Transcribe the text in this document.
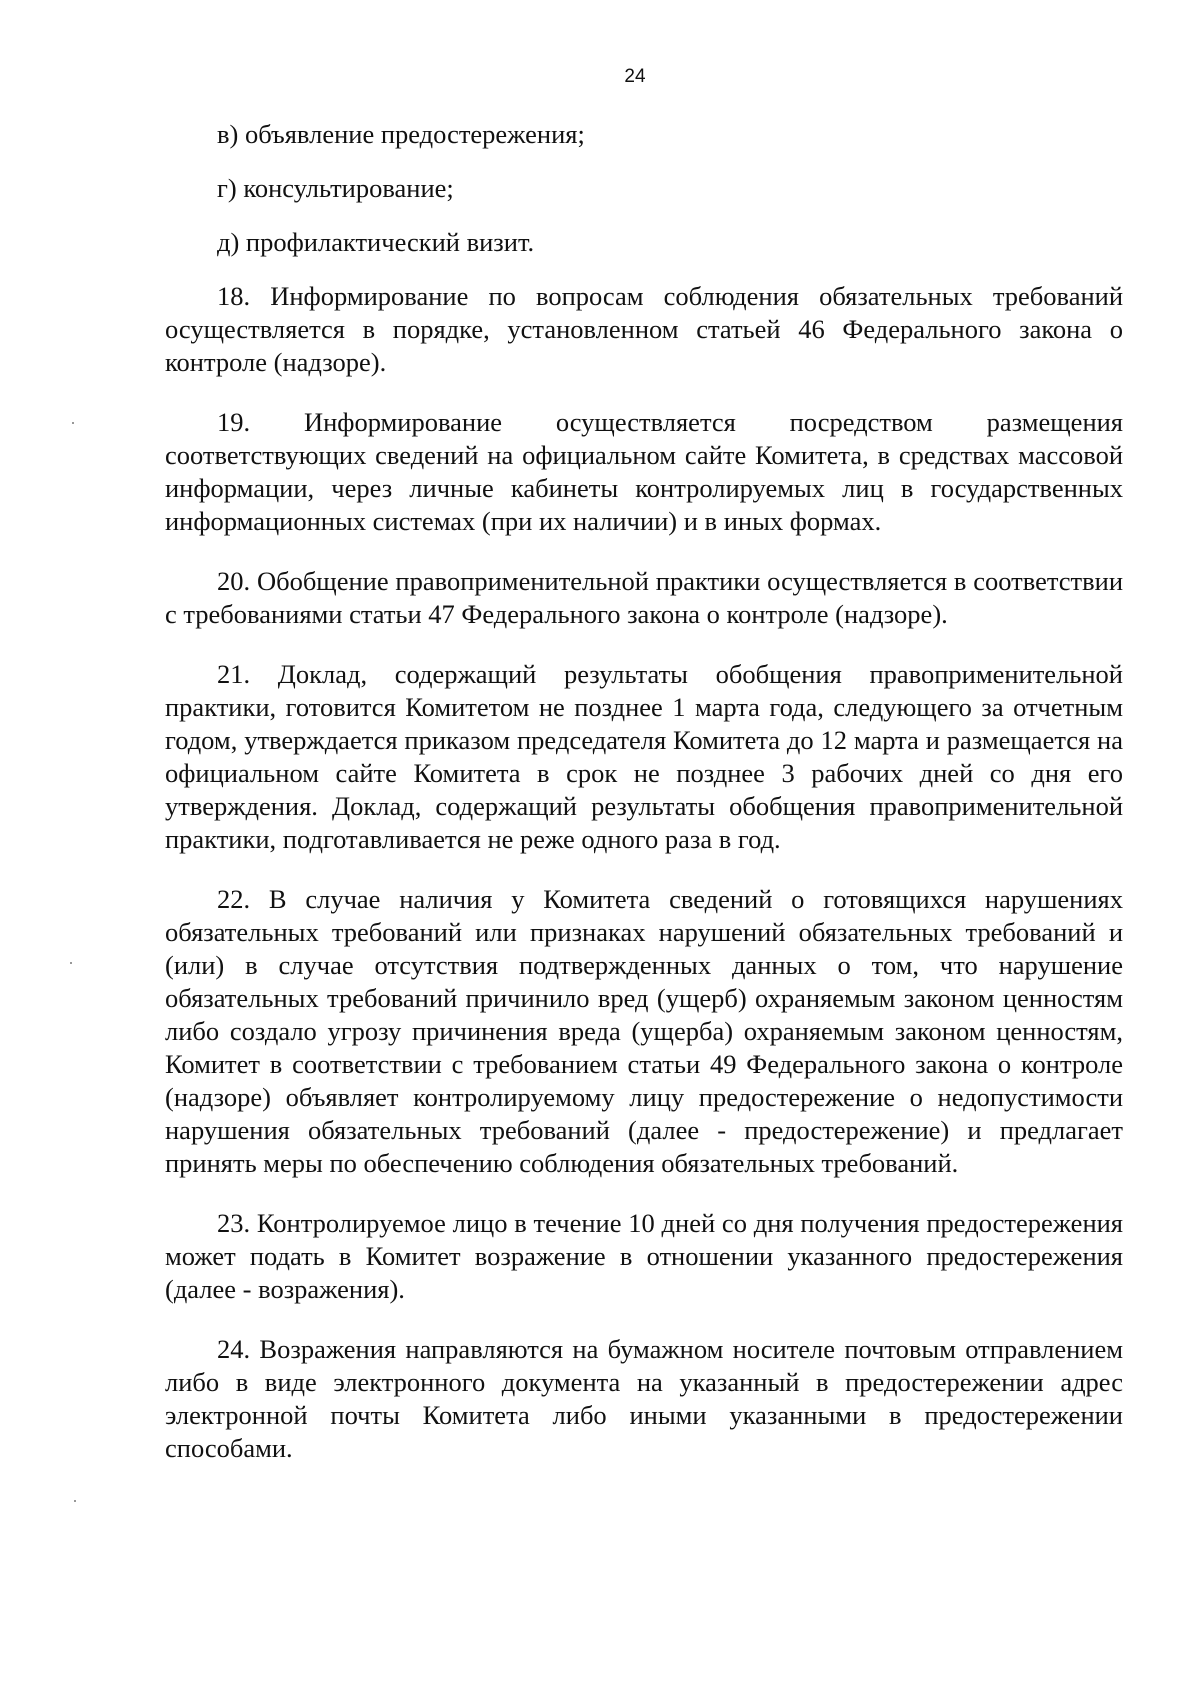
24

в) объявление предостережения;

г) консультирование;

д) профилактический визит.

18. Информирование по вопросам соблюдения обязательных требований осуществляется в порядке, установленном статьей 46 Федерального закона о контроле (надзоре).

19. Информирование осуществляется посредством размещения соответствующих сведений на официальном сайте Комитета, в средствах массовой информации, через личные кабинеты контролируемых лиц в государственных информационных системах (при их наличии) и в иных формах.

20. Обобщение правоприменительной практики осуществляется в соответствии с требованиями статьи 47 Федерального закона о контроле (надзоре).

21. Доклад, содержащий результаты обобщения правоприменительной практики, готовится Комитетом не позднее 1 марта года, следующего за отчетным годом, утверждается приказом председателя Комитета до 12 марта и размещается на официальном сайте Комитета в срок не позднее 3 рабочих дней со дня его утверждения. Доклад, содержащий результаты обобщения правоприменительной практики, подготавливается не реже одного раза в год.

22. В случае наличия у Комитета сведений о готовящихся нарушениях обязательных требований или признаках нарушений обязательных требований и (или) в случае отсутствия подтвержденных данных о том, что нарушение обязательных требований причинило вред (ущерб) охраняемым законом ценностям либо создало угрозу причинения вреда (ущерба) охраняемым законом ценностям, Комитет в соответствии с требованием статьи 49 Федерального закона о контроле (надзоре) объявляет контролируемому лицу предостережение о недопустимости нарушения обязательных требований (далее - предостережение) и предлагает принять меры по обеспечению соблюдения обязательных требований.

23. Контролируемое лицо в течение 10 дней со дня получения предостережения может подать в Комитет возражение в отношении указанного предостережения (далее - возражения).

24. Возражения направляются на бумажном носителе почтовым отправлением либо в виде электронного документа на указанный в предостережении адрес электронной почты Комитета либо иными указанными в предостережении способами.
